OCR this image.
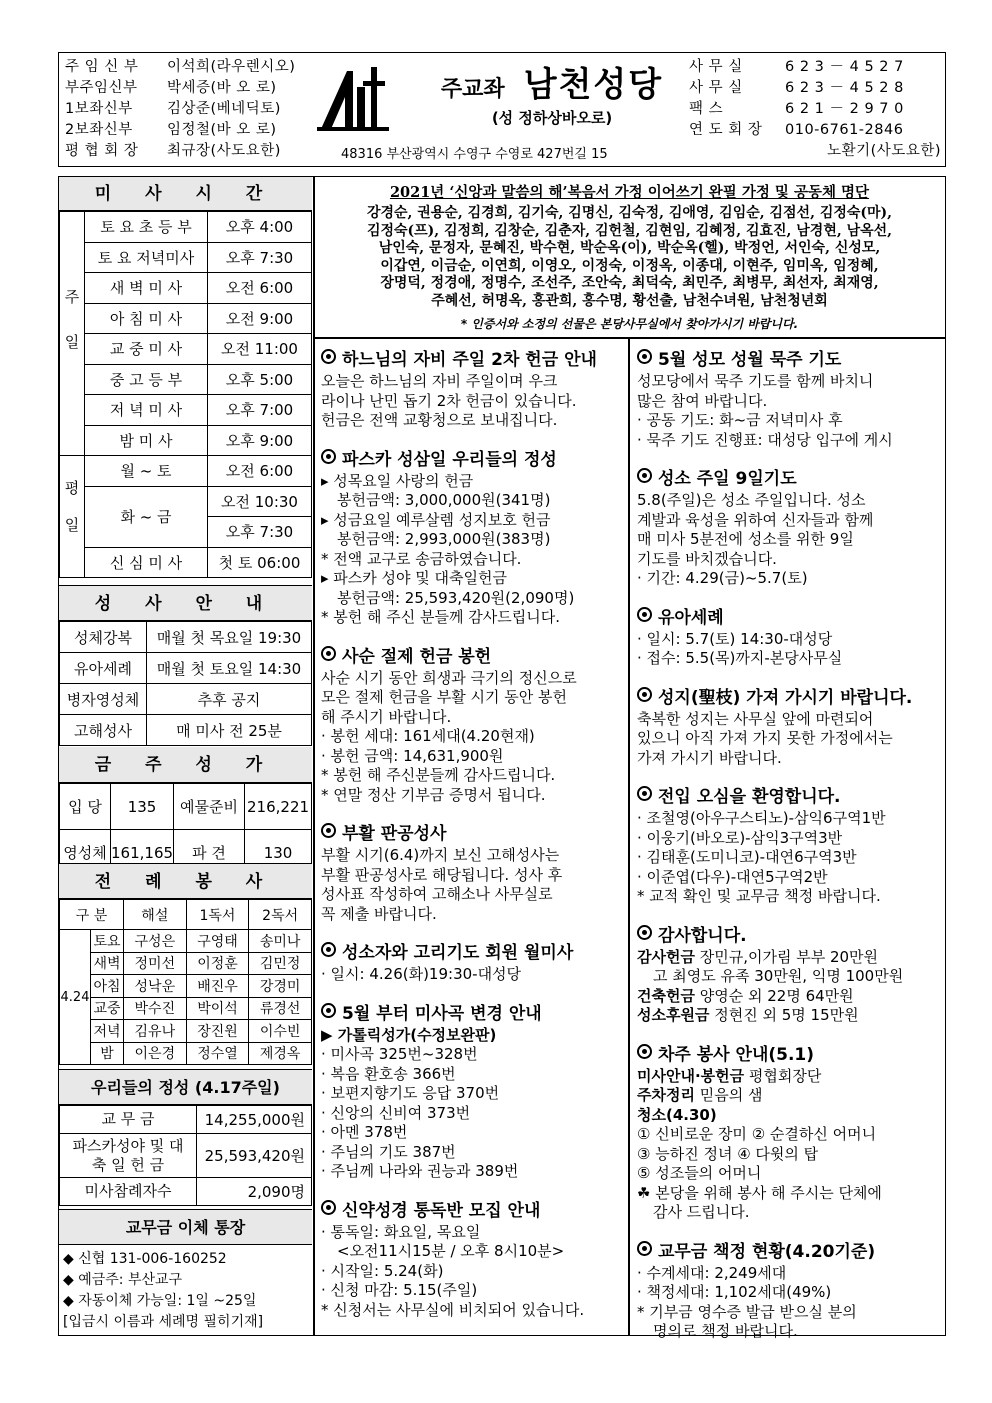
주 임 신 부 이석희(라우렌시오)
부주임신부 박세증(바 오 로)
1보좌신부 김상준(베네딕토)
2보좌신부 임정철(바 오 로)
평 협 회 장 최규장(사도요한)
주교좌 남천성당
(성 정하상바오로)
48316 부산광역시 수영구 수영로 427번길 15
사 무 실	6 2 3 － 4 5 2 7
사 무 실	6 2 3 － 4 5 2 8
팩 스	6 2 1 － 2 9 7 0
연 도 회 장 010-6761-2846
노환기(사도요한)
미 사 시 간
주일	토 요 초 등 부	오후 4:00
	토 요 저녁미사	오후 7:30
	새 벽 미 사	오전 6:00
	아 침 미 사	오전 9:00
	교 중 미 사	오전 11:00
	중 고 등 부	오후 5:00
	저 녁 미 사	오후 7:00
	밤 미 사	오후 9:00
평일	월 ~ 토	오전 6:00
	화 ~ 금	오전 10:30
		오후 7:30
	신 심 미 사	첫 토 06:00
성 사 안 내
성체강복	매월 첫 목요일 19:30
유아세례	매월 첫 토요일 14:30
병자영성체	추후 공지
고해성사	매 미사 전 25분
금 주 성 가
입 당	135	예물준비	216,221
영성체	161,165	파 견	130
전 례 봉 사
구 분		해설	1독서	2독서
4.24	토요	구성은	구영태	송미나
	새벽	정미선	이정훈	김민정
	아침	성낙운	배진우	강경미
	교중	박수진	박이석	류경선
	저녁	김유나	장진원	이수빈
	밤	이은경	정수열	제경옥
우리들의 정성 (4.17주일)
교 무 금	14,255,000원
파스카성야 및 대 축 일 헌 금	25,593,420원
미사참례자수	2,090명
교무금 이체 통장
◆ 신협 131-006-160252
◆ 예금주: 부산교구
◆ 자동이체 가능일: 1일 ~25일
[입금시 이름과 세례명 필히기재]
2021년 ‘신앙과 말씀의 해’복음서 가정 이어쓰기 완필 가정 및 공동체 명단
강경순, 권용순, 김경희, 김기숙, 김명신, 김숙정, 김애영, 김임순, 김점선, 김정숙(마),
김정숙(프), 김정희, 김창순, 김춘자, 김헌철, 김현임, 김혜정, 김효진, 남경현, 남옥선,
남인숙, 문정자, 문혜진, 박수현, 박순옥(이), 박순옥(헬), 박정언, 서인숙, 신성모,
이갑연, 이금순, 이연희, 이영오, 이정숙, 이정옥, 이종대, 이현주, 임미옥, 임정혜,
장명덕, 정경애, 정명수, 조선주, 조안숙, 최덕숙, 최민주, 최병무, 최선자, 최재영,
주혜선, 허명옥, 홍관희, 홍수명, 황선출, 남천수녀원, 남천청년회
* 인증서와 소정의 선물은 본당사무실에서 찾아가시기 바랍니다.
하느님의 자비 주일 2차 헌금 안내
오늘은 하느님의 자비 주일이며 우크
라이나 난민 돕기 2차 헌금이 있습니다.
헌금은 전액 교황청으로 보내집니다.
파스카 성삼일 우리들의 정성
▸ 성목요일 사랑의 헌금
봉헌금액: 3,000,000원(341명)
▸ 성금요일 예루살렘 성지보호 헌금
봉헌금액: 2,993,000원(383명)
* 전액 교구로 송금하였습니다.
▸ 파스카 성야 및 대축일헌금
봉헌금액: 25,593,420원(2,090명)
* 봉헌 해 주신 분들께 감사드립니다.
사순 절제 헌금 봉헌
사순 시기 동안 희생과 극기의 정신으로
모은 절제 헌금을 부활 시기 동안 봉헌
해 주시기 바랍니다.
· 봉헌 세대: 161세대(4.20현재)
· 봉헌 금액: 14,631,900원
* 봉헌 해 주신분들께 감사드립니다.
* 연말 정산 기부금 증명서 됩니다.
부활 판공성사
부활 시기(6.4)까지 보신 고해성사는
부활 판공성사로 해당됩니다. 성사 후
성사표 작성하여 고해소나 사무실로
꼭 제출 바랍니다.
성소자와 고리기도 회원 월미사
· 일시: 4.26(화)19:30-대성당
5월 부터 미사곡 변경 안내
▶ 가톨릭성가(수정보완판)
· 미사곡 325번~328번
· 복음 환호송 366번
· 보편지향기도 응답 370번
· 신앙의 신비여 373번
· 아멘 378번
· 주님의 기도 387번
· 주님께 나라와 권능과 389번
신약성경 통독반 모집 안내
· 통독일: 화요일, 목요일
<오전11시15분 / 오후 8시10분>
· 시작일: 5.24(화)
· 신청 마감: 5.15(주일)
* 신청서는 사무실에 비치되어 있습니다.
5월 성모 성월 묵주 기도
성모당에서 묵주 기도를 함께 바치니
많은 참여 바랍니다.
· 공동 기도: 화~금 저녁미사 후
· 묵주 기도 진행표: 대성당 입구에 게시
성소 주일 9일기도
5.8(주일)은 성소 주일입니다. 성소
계발과 육성을 위하여 신자들과 함께
매 미사 5분전에 성소를 위한 9일
기도를 바치겠습니다.
· 기간: 4.29(금)~5.7(토)
유아세례
· 일시: 5.7(토) 14:30-대성당
· 접수: 5.5(목)까지-본당사무실
성지(聖枝) 가져 가시기 바랍니다.
축복한 성지는 사무실 앞에 마련되어
있으니 아직 가져 가지 못한 가정에서는
가져 가시기 바랍니다.
전입 오심을 환영합니다.
· 조철영(아우구스티노)-삼익6구역1반
· 이웅기(바오로)-삼익3구역3반
· 김태훈(도미니코)-대연6구역3반
· 이준엽(다우)-대연5구역2반
* 교적 확인 및 교무금 책정 바랍니다.
감사합니다.
감사헌금 장민규,이가림 부부 20만원
고 최영도 유족 30만원, 익명 100만원
건축헌금 양영순 외 22명 64만원
성소후원금 정현진 외 5명 15만원
차주 봉사 안내(5.1)
미사안내·봉헌금 평협회장단
주차정리 믿음의 샘
청소(4.30)
① 신비로운 장미 ② 순결하신 어머니
③ 능하진 정녀 ④ 다윗의 탑
⑤ 성조들의 어머니
☘ 본당을 위해 봉사 해 주시는 단체에
감사 드립니다.
교무금 책정 현황(4.20기준)
· 수계세대: 2,249세대
· 책정세대: 1,102세대(49%)
* 기부금 영수증 발급 받으실 분의
명의로 책정 바랍니다.
